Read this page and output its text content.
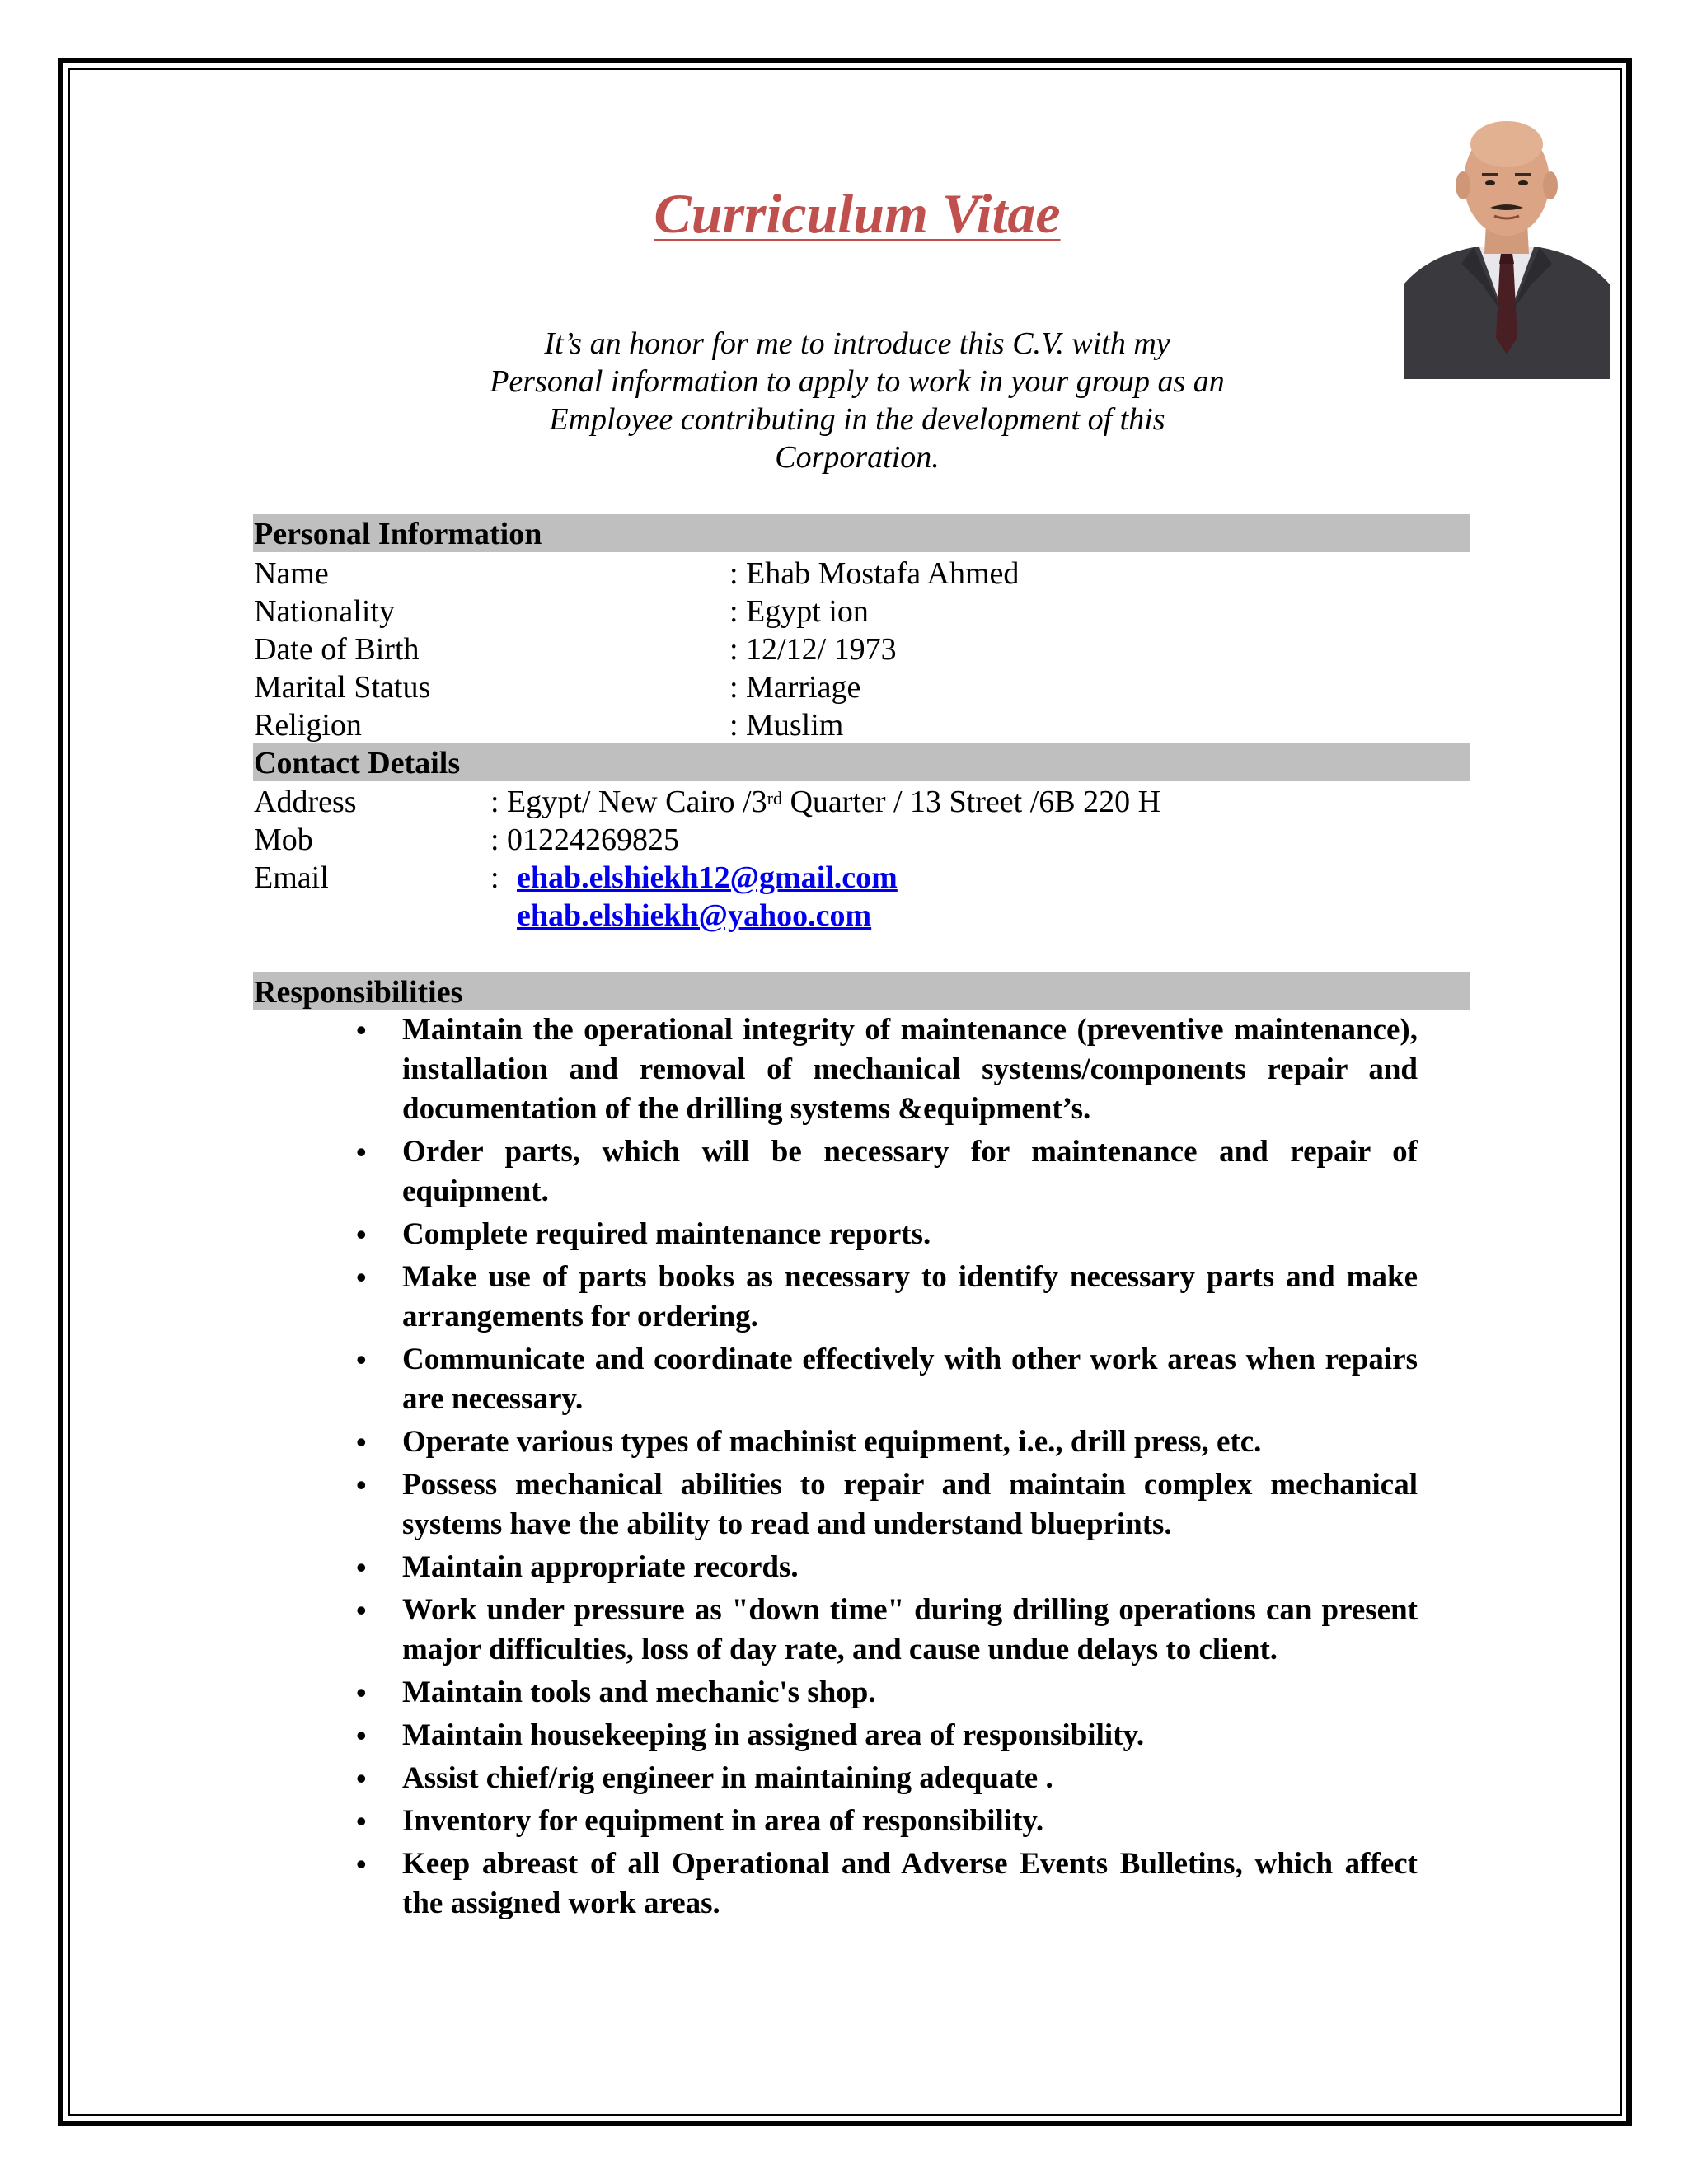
Curriculum Vitae
It’s an honor for me to introduce this C.V. with my
Personal information to apply to work in your group as an
Employee contributing in the development of this
Corporation.
Personal Information
Name	: Ehab Mostafa Ahmed
Nationality	: Egypt ion
Date of Birth	: 12/12/ 1973
Marital Status	: Marriage
Religion	: Muslim
Contact Details
Address	: Egypt/ New Cairo /3rd Quarter / 13 Street /6B 220 H
Mob	: 01224269825
Email	: ehab.elshiekh12@gmail.com
ehab.elshiekh@yahoo.com
Responsibilities
• Maintain the operational integrity of maintenance (preventive maintenance), installation and removal of mechanical systems/components repair and documentation of the drilling systems &equipment’s.
• Order parts, which will be necessary for maintenance and repair of equipment.
• Complete required maintenance reports.
• Make use of parts books as necessary to identify necessary parts and make arrangements for ordering.
• Communicate and coordinate effectively with other work areas when repairs are necessary.
• Operate various types of machinist equipment, i.e., drill press, etc.
• Possess mechanical abilities to repair and maintain complex mechanical systems have the ability to read and understand blueprints.
• Maintain appropriate records.
• Work under pressure as "down time" during drilling operations can present major difficulties, loss of day rate, and cause undue delays to client.
• Maintain tools and mechanic's shop.
• Maintain housekeeping in assigned area of responsibility.
• Assist chief/rig engineer in maintaining adequate .
• Inventory for equipment in area of responsibility.
• Keep abreast of all Operational and Adverse Events Bulletins, which affect the assigned work areas.
